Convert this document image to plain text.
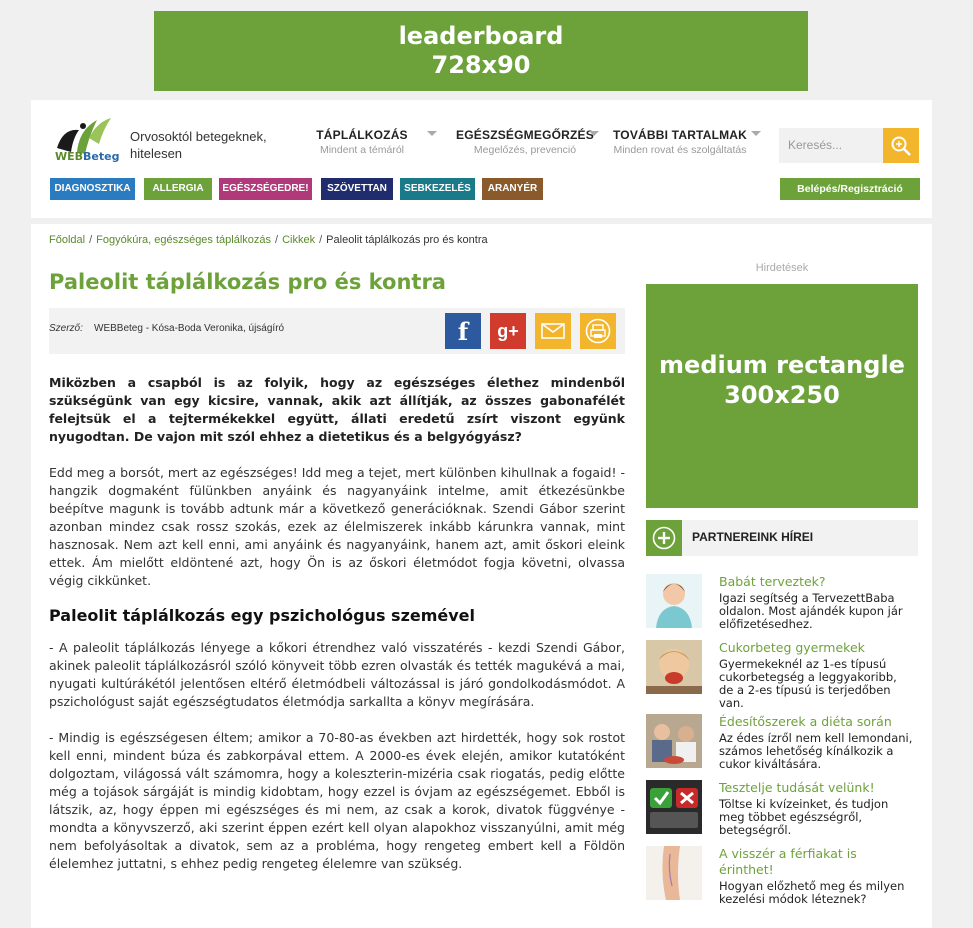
leaderboard
728x90
WEBBeteg
Orvosoktól betegeknek, hitelesen
TÁPLÁLKOZÁS
Mindent a témáról
EGÉSZSÉGMEGŐRZÉS
Megelőzés, prevenció
TOVÁBBI TARTALMAK
Minden rovat és szolgáltatás	Keresés...
DIAGNOSZTIKA	ALLERGIA	EGÉSZSÉGEDRE!	SZÖVETTAN	SEBKEZELÉS	ARANYÉR	Belépés/Regisztráció
Főoldal / Fogyókúra, egészséges táplálkozás / Cikkek / Paleolit táplálkozás pro és kontra
Paleolit táplálkozás pro és kontra
Szerző: WEBBeteg - Kósa-Boda Veronika, újságíró	f g+
Miközben a csapból is az folyik, hogy az egészséges élethez mindenből szükségünk van egy kicsire, vannak, akik azt állítják, az összes gabonafélét felejtsük el a tejtermékekkel együtt, állati eredetű zsírt viszont együnk nyugodtan. De vajon mit szól ehhez a dietetikus és a belgyógyász?
Edd meg a borsót, mert az egészséges! Idd meg a tejet, mert különben kihullnak a fogaid! - hangzik dogmaként fülünkben anyáink és nagyanyáink intelme, amit étkezésünkbe beépítve magunk is tovább adtunk már a következő generációknak. Szendi Gábor szerint azonban mindez csak rossz szokás, ezek az élelmiszerek inkább kárunkra vannak, mint hasznosak. Nem azt kell enni, ami anyáink és nagyanyáink, hanem azt, amit őskori eleink ettek. Ám mielőtt eldöntené azt, hogy Ön is az őskori életmódot fogja követni, olvassa végig cikkünket.
Paleolit táplálkozás egy pszichológus szemével
- A paleolit táplálkozás lényege a kőkori étrendhez való visszatérés - kezdi Szendi Gábor, akinek paleolit táplálkozásról szóló könyveit több ezren olvasták és tették magukévá a mai, nyugati kultúrákétól jelentősen eltérő életmódbeli változással is járó gondolkodásmódot. A pszichológust saját egészségtudatos életmódja sarkallta a könyv megírására.
- Mindig is egészségesen éltem; amikor a 70-80-as években azt hirdették, hogy sok rostot kell enni, mindent búza és zabkorpával ettem. A 2000-es évek elején, amikor kutatóként dolgoztam, világossá vált számomra, hogy a koleszterin-mizéria csak riogatás, pedig előtte még a tojások sárgáját is mindig kidobtam, hogy ezzel is óvjam az egészségemet. Ebből is látszik, az, hogy éppen mi egészséges és mi nem, az csak a korok, divatok függvénye - mondta a könyvszerző, aki szerint éppen ezért kell olyan alapokhoz visszanyúlni, amit még nem befolyásoltak a divatok, sem az a probléma, hogy rengeteg embert kell a Földön élelemhez juttatni, s ehhez pedig rengeteg élelemre van szükség.
Hirdetések
medium rectangle
300x250
PARTNEREINK HÍREI
Babát terveztek?
Igazi segítség a TervezettBaba oldalon. Most ajándék kupon jár előfizetésedhez.
Cukorbeteg gyermekek
Gyermekeknél az 1-es típusú cukorbetegség a leggyakoribb, de a 2-es típusú is terjedőben van.
Édesítőszerek a diéta során
Az édes ízről nem kell lemondani, számos lehetőség kínálkozik a cukor kiváltására.
Tesztelje tudását velünk!
Töltse ki kvízeinket, és tudjon meg többet egészségről, betegségről.
A visszér a férfiakat is érinthet!
Hogyan előzhető meg és milyen kezelési módok léteznek?
